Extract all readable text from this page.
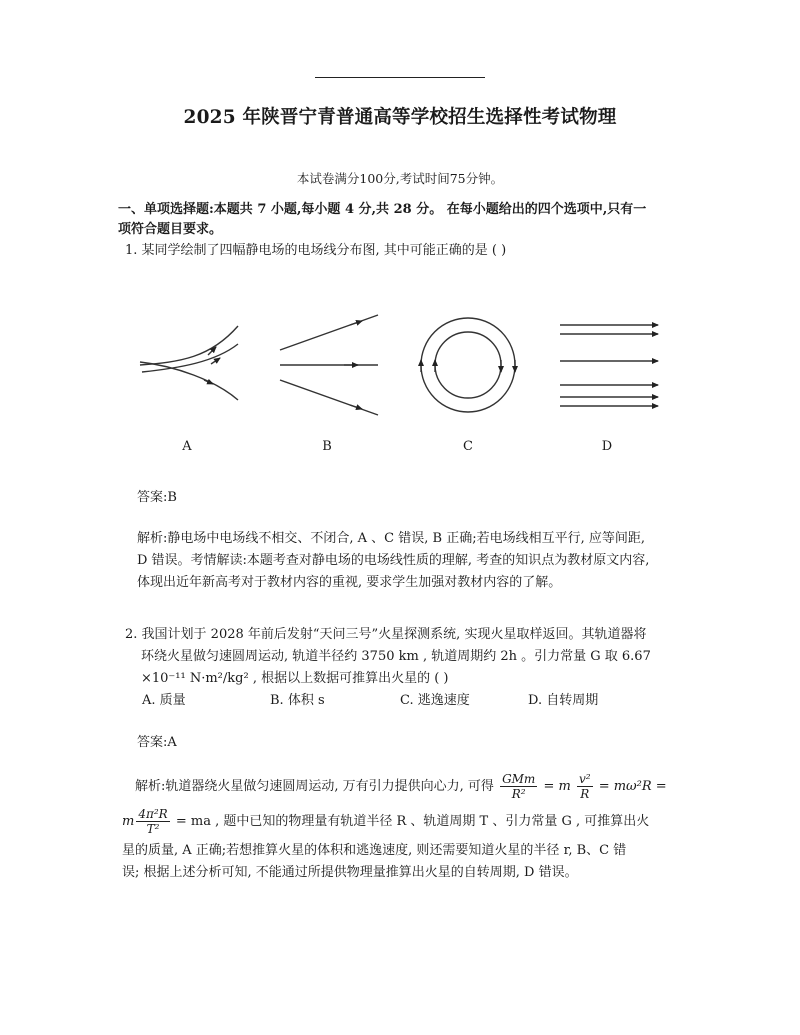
2025 年陕晋宁青普通高等学校招生选择性考试物理
本试卷满分100分,考试时间75分钟。
一、单项选择题:本题共 7 小题,每小题 4 分,共 28 分。 在每小题给出的四个选项中,只有一
项符合题目要求。
1. 某同学绘制了四幅静电场的电场线分布图, 其中可能正确的是 ( )
A	B	C	D
答案:B
解析:静电场中电场线不相交、不闭合, A 、C 错误, B 正确;若电场线相互平行, 应等间距,
D 错误。考情解读:本题考查对静电场的电场线性质的理解, 考查的知识点为教材原文内容,
体现出近年新高考对于教材内容的重视, 要求学生加强对教材内容的了解。
2. 我国计划于 2028 年前后发射“天问三号”火星探测系统, 实现火星取样返回。其轨道器将
环绕火星做匀速圆周运动, 轨道半径约 3750 km , 轨道周期约 2h 。引力常量 G 取 6.67
×10⁻¹¹ N·m²/kg² , 根据以上数据可推算出火星的 ( )
A. 质量	B. 体积 s	C. 逃逸速度	D. 自转周期
答案:A
解析:轨道器绕火星做匀速圆周运动, 万有引力提供向心力, 可得 $\frac{\text{GMm}}{\text{R²}} = m \frac{\text{v²}}{R} = m\omega^2R$ =
m $\frac{\text{4π²R}}{\text{T²}}$ = ma , 题中已知的物理量有轨道半径 R 、轨道周期 T 、引力常量 G , 可推算出火
星的质量, A 正确;若想推算火星的体积和逃逸速度, 则还需要知道火星的半径 r, B、C 错
误; 根据上述分析可知, 不能通过所提供物理量推算出火星的自转周期, D 错误。
